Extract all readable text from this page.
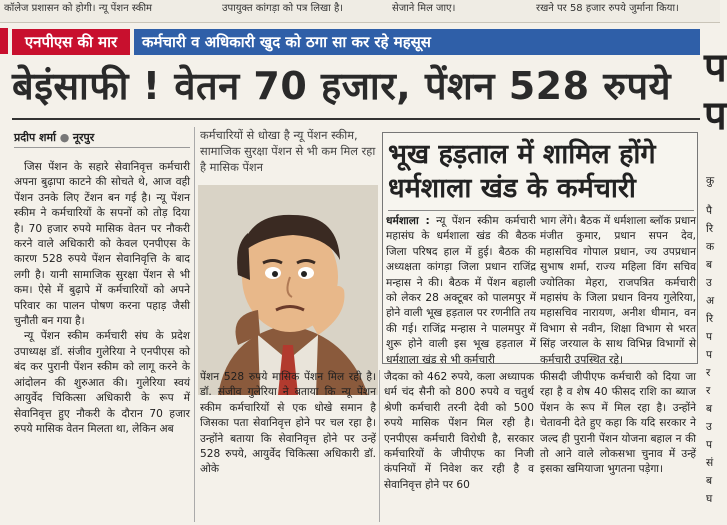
कॉलेज प्रशासन को होगी। न्यू पेंशन स्कीम	उपायुक्त कांगड़ा को पत्र लिखा है।	सेजाने मिल जाए।	रखने पर 58 हजार रुपये जुर्माना किया।
एनपीएस की मार	कर्मचारी व अधिकारी खुद को ठगा सा कर रहे महसूस
बेइंसाफी ! वेतन 70 हजार, पेंशन 528 रुपये
प्रदीप शर्मा ● नूरपुर

जिस पेंशन के सहारे सेवानिवृत्त कर्मचारी अपना बुढ़ापा काटने की सोचते थे, आज वही पेंशन उनके लिए टेंशन बन गई है। न्यू पेंशन स्कीम ने कर्मचारियों के सपनों को तोड़ दिया है। 70 हजार रुपये मासिक वेतन पर नौकरी करने वाले अधिकारी को केवल एनपीएस के कारण 528 रुपये पेंशन सेवानिवृत्ति के बाद लगी है। यानी सामाजिक सुरक्षा पेंशन से भी कम। ऐसे में बुढ़ापे में कर्मचारियों को अपने परिवार का पालन पोषण करना पहाड़ जैसी चुनौती बन गया है।

न्यू पेंशन स्कीम कर्मचारी संघ के प्रदेश उपाध्यक्ष डॉ. संजीव गुलेरिया ने एनपीएस को बंद कर पुरानी पेंशन स्कीम को लागू करने के आंदोलन की शुरुआत की। गुलेरिया स्वयं आयुर्वेद चिकित्सा अधिकारी के रूप में सेवानिवृत्त हुए नौकरी के दौरान 70 हजार रुपये मासिक वेतन मिलता था, लेकिन अब

कर्मचारियों से धोखा है न्यू पेंशन स्कीम, सामाजिक सुरक्षा पेंशन से भी कम मिल रहा है मासिक पेंशन	भूख हड़ताल में शामिल होंगे धर्मशाला खंड के कर्मचारी
धर्मशाला : न्यू पेंशन स्कीम कर्मचारी महासंघ के धर्मशाला खंड की बैठक जिला परिषद हाल में हुई। बैठक की अध्यक्षता कांगड़ा जिला प्रधान राजिंद्र मन्हास ने की। बैठक में पेंशन बहाली को लेकर 28 अक्टूबर को पालमपुर में होने वाली भूख हड़ताल पर रणनीति तय की गई। राजिंद्र मन्हास ने पालमपुर में शुरू होने वाली इस भूख हड़ताल में धर्मशाला खंड से भी कर्मचारी
भाग लेंगे। बैठक में धर्मशाला ब्लॉक प्रधान मंजीत कुमार, प्रधान सपन देव, महासचिव गोपाल प्रधान, ज्य उपप्रधान सुभाष शर्मा, राज्य महिला विंग सचिव ज्योतिका मेहरा, राजपत्रित कर्मचारी महासंघ के जिला प्रधान विनय गुलेरिया, महासचिव नारायण, अनीश धीमान, वन विभाग से नवीन, शिक्षा विभाग से भरत सिंह जरयाल के साथ विभिन्न विभागों से कर्मचारी उपस्थित रहे।

पेंशन 528 रुपये मासिक पेंशन मिल रही है। डॉ. संजीव गुलेरिया ने बताया कि न्यू पेंशन स्कीम कर्मचारियों से एक धोखे समान है जिसका पता सेवानिवृत्त होने पर चल रहा है। उन्होंने बताया कि सेवानिवृत्त होने पर उन्हें 528 रुपये, आयुर्वेद चिकित्सा अधिकारी डॉ. ओके

जैदका को 462 रुपये, कला अध्यापक धर्म चंद सैनी को 800 रुपये व चतुर्थ श्रेणी कर्मचारी तरनी देवी को 500 रुपये मासिक पेंशन मिल रही है। एनपीएस कर्मचारी विरोधी है, सरकार कर्मचारियों के जीपीएफ का निजी कंपनियों में निवेश कर रही है व सेवानिवृत्त होने पर 60

फीसदी जीपीएफ कर्मचारी को दिया जा रहा है व शेष 40 फीसद राशि का ब्याज पेंशन के रूप में मिल रहा है। उन्होंने चेतावनी देते हुए कहा कि यदि सरकार ने जल्द ही पुरानी पेंशन योजना बहाल न की तो आने वाले लोकसभा चुनाव में उन्हें इसका खमियाजा भुगतना पड़ेगा।

प
प
कु
पै
रि
क
ब
उ
अ
रि
प
प
र
र
ब
उ
प
सं
ब
घ
